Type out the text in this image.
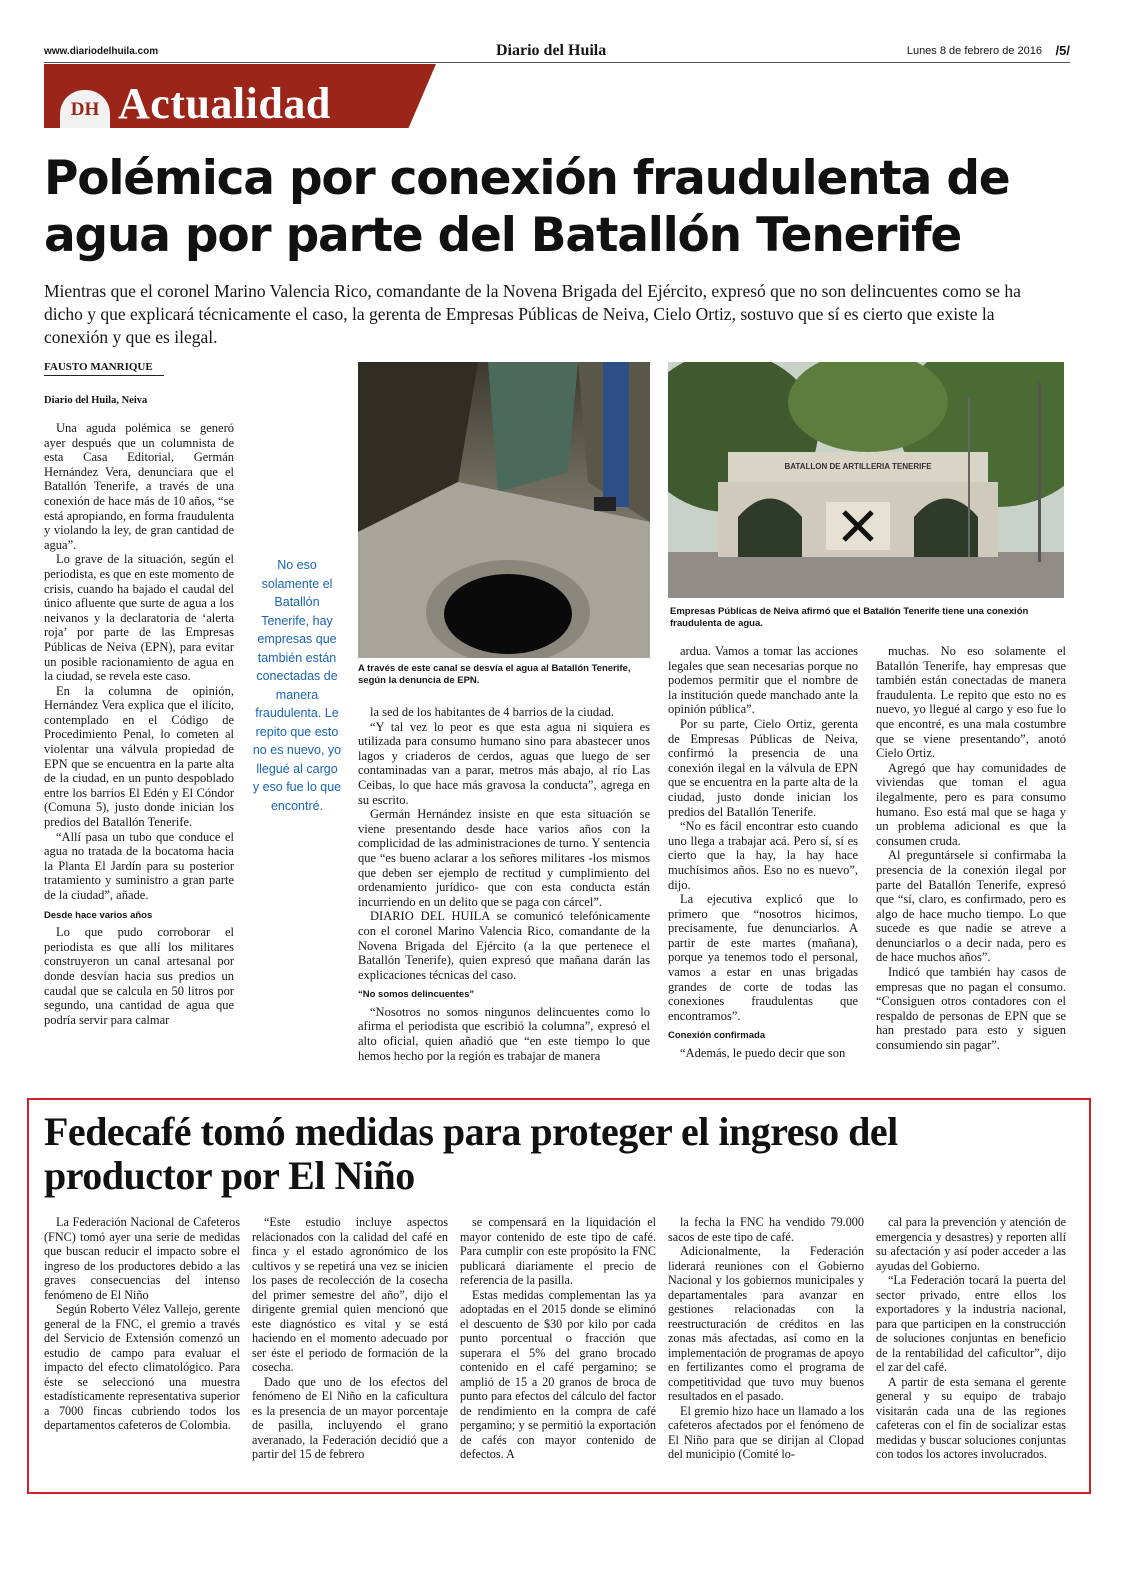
www.diariodelhuila.com	Diario del Huila	Lunes 8 de febrero de 2016 /5/
DH Actualidad
Polémica por conexión fraudulenta de agua por parte del Batallón Tenerife

Mientras que el coronel Marino Valencia Rico, comandante de la Novena Brigada del Ejército, expresó que no son delincuentes como se ha dicho y que explicará técnicamente el caso, la gerenta de Empresas Públicas de Neiva, Cielo Ortiz, sostuvo que sí es cierto que existe la conexión y que es ilegal.

FAUSTO MANRIQUE
Diario del Huila, Neiva

Una aguda polémica se generó ayer después que un columnista de esta Casa Editorial, Germán Hernández Vera, denunciara que el Batallón Tenerife, a través de una conexión de hace más de 10 años, “se está apropiando, en forma fraudulenta y violando la ley, de gran cantidad de agua”.

Lo grave de la situación, según el periodista, es que en este momento de crisis, cuando ha bajado el caudal del único afluente que surte de agua a los neivanos y la declaratoria de ‘alerta roja’ por parte de las Empresas Públicas de Neiva (EPN), para evitar un posible racionamiento de agua en la ciudad, se revela este caso.

En la columna de opinión, Hernández Vera explica que el ilícito, contemplado en el Código de Procedimiento Penal, lo cometen al violentar una válvula propiedad de EPN que se encuentra en la parte alta de la ciudad, en un punto despoblado entre los barrios El Edén y El Cóndor (Comuna 5), justo donde inician los predios del Batallón Tenerife.

“Allí pasa un tubo que conduce el agua no tratada de la bocatoma hacia la Planta El Jardín para su posterior tratamiento y suministro a gran parte de la ciudad”, añade.

Desde hace varios años

Lo que pudo corroborar el periodista es que allí los militares construyeron un canal artesanal por donde desvían hacia sus predios un caudal que se calcula en 50 litros por segundo, una cantidad de agua que podría servir para calmar

No eso solamente el Batallón Tenerife, hay empresas que también están conectadas de manera fraudulenta. Le repito que esto no es nuevo, yo llegué al cargo y eso fue lo que encontré.
A través de este canal se desvía el agua al Batallón Tenerife, según la denuncia de EPN.
BATALLON DE ARTILLERIA TENERIFE
Empresas Públicas de Neiva afirmó que el Batallón Tenerife tiene una conexión fraudulenta de agua.

la sed de los habitantes de 4 barrios de la ciudad.

“Y tal vez lo peor es que esta agua ni siquiera es utilizada para consumo humano sino para abastecer unos lagos y criaderos de cerdos, aguas que luego de ser contaminadas van a parar, metros más abajo, al río Las Ceibas, lo que hace más gravosa la conducta”, agrega en su escrito.

Germán Hernández insiste en que esta situación se viene presentando desde hace varios años con la complicidad de las administraciones de turno. Y sentencia que “es bueno aclarar a los señores militares -los mismos que deben ser ejemplo de rectitud y cumplimiento del ordenamiento jurídico- que con esta conducta están incurriendo en un delito que se paga con cárcel”.

DIARIO DEL HUILA se comunicó telefónicamente con el coronel Marino Valencia Rico, comandante de la Novena Brigada del Ejército (a la que pertenece el Batallón Tenerife), quien expresó que mañana darán las explicaciones técnicas del caso.

“No somos delincuentes”

“Nosotros no somos ningunos delincuentes como lo afirma el periodista que escribió la columna”, expresó el alto oficial, quien añadió que “en este tiempo lo que hemos hecho por la región es trabajar de manera

ardua. Vamos a tomar las acciones legales que sean necesarias porque no podemos permitir que el nombre de la institución quede manchado ante la opinión pública”.

Por su parte, Cielo Ortiz, gerenta de Empresas Públicas de Neiva, confirmó la presencia de una conexión ilegal en la válvula de EPN que se encuentra en la parte alta de la ciudad, justo donde inician los predios del Batallón Tenerife.

“No es fácil encontrar esto cuando uno llega a trabajar acá. Pero sí, sí es cierto que la hay, la hay hace muchísimos años. Eso no es nuevo”, dijo.

La ejecutiva explicó que lo primero que “nosotros hicimos, precisamente, fue denunciarlos. A partir de este martes (mañana), porque ya tenemos todo el personal, vamos a estar en unas brigadas grandes de corte de todas las conexiones fraudulentas que encontramos”.

Conexión confirmada

“Además, le puedo decir que son

muchas. No eso solamente el Batallón Tenerife, hay empresas que también están conectadas de manera fraudulenta. Le repito que esto no es nuevo, yo llegué al cargo y eso fue lo que encontré, es una mala costumbre que se viene presentando”, anotó Cielo Ortiz.

Agregó que hay comunidades de viviendas que toman el agua ilegalmente, pero es para consumo humano. Eso está mal que se haga y un problema adicional es que la consumen cruda.

Al preguntársele si confirmaba la presencia de la conexión ilegal por parte del Batallón Tenerife, expresó que “sí, claro, es confirmado, pero es algo de hace mucho tiempo. Lo que sucede es que nadie se atreve a denunciarlos o a decir nada, pero es de hace muchos años”.

Indicó que también hay casos de empresas que no pagan el consumo. “Consiguen otros contadores con el respaldo de personas de EPN que se han prestado para esto y siguen consumiendo sin pagar”.

Fedecafé tomó medidas para proteger el ingreso del productor por El Niño

La Federación Nacional de Cafeteros (FNC) tomó ayer una serie de medidas que buscan reducir el impacto sobre el ingreso de los productores debido a las graves consecuencias del intenso fenómeno de El Niño

Según Roberto Vélez Vallejo, gerente general de la FNC, el gremio a través del Servicio de Extensión comenzó un estudio de campo para evaluar el impacto del efecto climatológico. Para éste se seleccionó una muestra estadísticamente representativa superior a 7000 fincas cubriendo todos los departamentos cafeteros de Colombia.

“Este estudio incluye aspectos relacionados con la calidad del café en finca y el estado agronómico de los cultivos y se repetirá una vez se inicien los pases de recolección de la cosecha del primer semestre del año”, dijo el dirigente gremial quien mencionó que este diagnóstico es vital y se está haciendo en el momento adecuado por ser éste el periodo de formación de la cosecha.

Dado que uno de los efectos del fenómeno de El Niño en la caficultura es la presencia de un mayor porcentaje de pasilla, incluyendo el grano averanado, la Federación decidió que a partir del 15 de febrero

se compensará en la liquidación el mayor contenido de este tipo de café. Para cumplir con este propósito la FNC publicará diariamente el precio de referencia de la pasilla.

Estas medidas complementan las ya adoptadas en el 2015 donde se eliminó el descuento de $30 por kilo por cada punto porcentual o fracción que superara el 5% del grano brocado contenido en el café pergamino; se amplió de 15 a 20 granos de broca de punto para efectos del cálculo del factor de rendimiento en la compra de café pergamino; y se permitió la exportación de cafés con mayor contenido de defectos. A

la fecha la FNC ha vendido 79.000 sacos de este tipo de café.

Adicionalmente, la Federación liderará reuniones con el Gobierno Nacional y los gobiernos municipales y departamentales para avanzar en gestiones relacionadas con la reestructuración de créditos en las zonas más afectadas, así como en la implementación de programas de apoyo en fertilizantes como el programa de competitividad que tuvo muy buenos resultados en el pasado.

El gremio hizo hace un llamado a los cafeteros afectados por el fenómeno de El Niño para que se dirijan al Clopad del municipio (Comité lo-

cal para la prevención y atención de emergencia y desastres) y reporten allí su afectación y así poder acceder a las ayudas del Gobierno.

“La Federación tocará la puerta del sector privado, entre ellos los exportadores y la industria nacional, para que participen en la construcción de soluciones conjuntas en beneficio de la rentabilidad del caficultor”, dijo el zar del café.

A partir de esta semana el gerente general y su equipo de trabajo visitarán cada una de las regiones cafeteras con el fin de socializar estas medidas y buscar soluciones conjuntas con todos los actores involucrados.
